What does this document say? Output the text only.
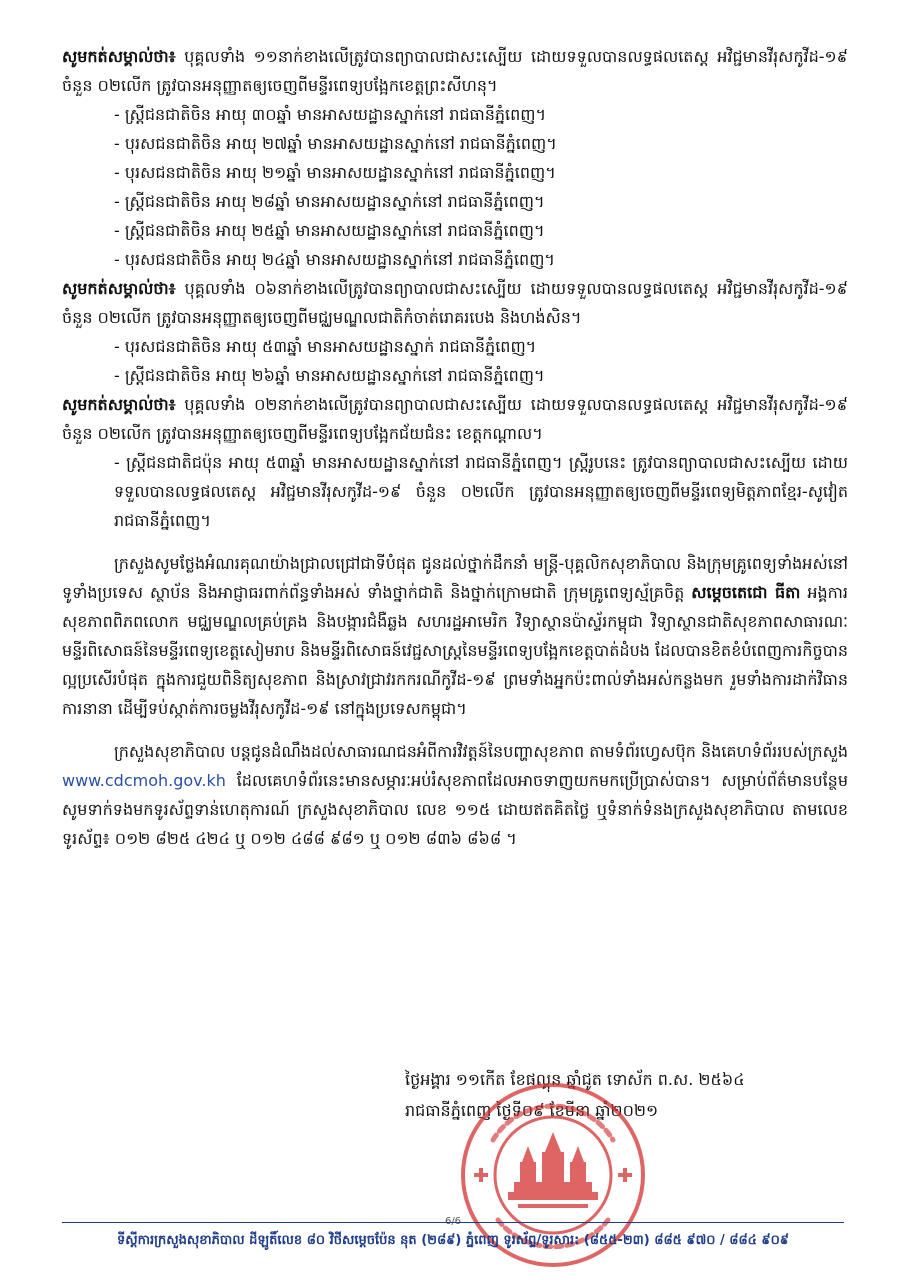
សូមកត់សម្គាល់ថា៖ បុគ្គលទាំង ១១នាក់ខាងលើត្រូវបានព្យាបាលជាសះស្បើយ ដោយទទួលបានលទ្ធផលតេស្ត អវិជ្ជមានវីរុសកូវីដ-១៩ ចំនួន ០២លើក ត្រូវបានអនុញ្ញាតឲ្យចេញពីមន្ទីរពេទ្យបង្អែកខេត្តព្រះសីហនុ។

- ស្ត្រីជនជាតិចិន អាយុ ៣០ឆ្នាំ មានអាសយដ្ឋានស្នាក់នៅ រាជធានីភ្នំពេញ។

- បុរសជនជាតិចិន អាយុ ២៧ឆ្នាំ មានអាសយដ្ឋានស្នាក់នៅ រាជធានីភ្នំពេញ។

- បុរសជនជាតិចិន អាយុ ២១ឆ្នាំ មានអាសយដ្ឋានស្នាក់នៅ រាជធានីភ្នំពេញ។

- ស្ត្រីជនជាតិចិន អាយុ ២៨ឆ្នាំ មានអាសយដ្ឋានស្នាក់នៅ រាជធានីភ្នំពេញ។

- ស្ត្រីជនជាតិចិន អាយុ ២៥ឆ្នាំ មានអាសយដ្ឋានស្នាក់នៅ រាជធានីភ្នំពេញ។

- បុរសជនជាតិចិន អាយុ ២៤ឆ្នាំ មានអាសយដ្ឋានស្នាក់នៅ រាជធានីភ្នំពេញ។

សូមកត់សម្គាល់ថា៖ បុគ្គលទាំង ០៦នាក់ខាងលើត្រូវបានព្យាបាលជាសះស្បើយ ដោយទទួលបានលទ្ធផលតេស្ត អវិជ្ជមានវីរុសកូវីដ-១៩ ចំនួន ០២លើក ត្រូវបានអនុញ្ញាតឲ្យចេញពីមជ្ឈមណ្ឌលជាតិកំចាត់រោគរបេង និងហង់សិន។

- បុរសជនជាតិចិន អាយុ ៥៣ឆ្នាំ មានអាសយដ្ឋានស្នាក់ រាជធានីភ្នំពេញ។

- ស្ត្រីជនជាតិចិន អាយុ ២៦ឆ្នាំ មានអាសយដ្ឋានស្នាក់នៅ រាជធានីភ្នំពេញ។

សូមកត់សម្គាល់ថា៖ បុគ្គលទាំង ០២នាក់ខាងលើត្រូវបានព្យាបាលជាសះស្បើយ ដោយទទួលបានលទ្ធផលតេស្ត អវិជ្ជមានវីរុសកូវីដ-១៩ ចំនួន ០២លើក ត្រូវបានអនុញ្ញាតឲ្យចេញពីមន្ទីរពេទ្យបង្អែកជ័យជំនះ ខេត្តកណ្ដាល។

- ស្ត្រីជនជាតិជប៉ុន អាយុ ៥៣ឆ្នាំ មានអាសយដ្ឋានស្នាក់នៅ រាជធានីភ្នំពេញ។ ស្ត្រីរូបនេះ ត្រូវបានព្យាបាលជាសះស្បើយ ដោយទទួលបានលទ្ធផលតេស្ត អវិជ្ជមានវីរុសកូវីដ-១៩ ចំនួន ០២លើក ត្រូវបានអនុញ្ញាតឲ្យចេញពីមន្ទីរពេទ្យមិត្តភាពខ្មែរ-សូវៀត រាជធានីភ្នំពេញ។

ក្រសួងសូមថ្លែងអំណរគុណយ៉ាងជ្រាលជ្រៅជាទីបំផុត ជូនដល់ថ្នាក់ដឹកនាំ មន្ត្រី-បុគ្គលិកសុខាភិបាល និងក្រុមគ្រូពេទ្យទាំងអស់នៅទូទាំងប្រទេស ស្ថាប័ន និងអាជ្ញាធរពាក់ព័ន្ធទាំងអស់ ទាំងថ្នាក់ជាតិ និងថ្នាក់ក្រោមជាតិ ក្រុមគ្រូពេទ្យស្ម័គ្រចិត្ត សម្តេចតេជោ ធីតា អង្គការសុខភាពពិភពលោក មជ្ឈមណ្ឌលគ្រប់គ្រង និងបង្ការជំងឺឆ្លង សហរដ្ឋអាមេរិក វិទ្យាស្ថានប៉ាស្ទ័រកម្ពុជា វិទ្យាស្ថានជាតិសុខភាពសាធារណៈ មន្ទីរពិសោធន៍នៃមន្ទីរពេទ្យខេត្តសៀមរាប និងមន្ទីរពិសោធន៍វេជ្ជសាស្ត្រនៃមន្ទីរពេទ្យបង្អែកខេត្តបាត់ដំបង ដែលបានខិតខំបំពេញការកិច្ចបានល្អប្រសើរបំផុត ក្នុងការជួយពិនិត្យសុខភាព និងស្រាវជ្រាវរកករណីកូវីដ-១៩ ព្រមទាំងអ្នកប៉ះពាល់ទាំងអស់កន្លងមក រួមទាំងការដាក់វិធានការនានា ដើម្បីទប់ស្កាត់ការចម្លងវីរុសកូវីដ-១៩ នៅក្នុងប្រទេសកម្ពុជា។

ក្រសួងសុខាភិបាល បន្តជូនដំណឹងដល់សាធារណជនអំពីការវិវត្តន៍នៃបញ្ហាសុខភាព តាមទំព័រហ្វេសប៊ុក និងគេហទំព័ររបស់ក្រសួង www.cdcmoh.gov.kh ដែលគេហទំព័រនេះមានសម្ភារៈអប់រំសុខភាពដែលអាចទាញយកមកប្រើប្រាស់បាន។ សម្រាប់ព័ត៌មានបន្ថែម សូមទាក់ទងមកទូរស័ព្ទទាន់ហេតុការណ៍ ក្រសួងសុខាភិបាល លេខ ១១៥ ដោយឥតគិតថ្លៃ ឬទំនាក់ទំនងក្រសួងសុខាភិបាល តាមលេខទូរស័ព្ទ៖ ០១២ ៨២៥ ៤២៤ ឬ ០១២ ៤៨៨ ៩៨១ ឬ ០១២ ៨៣៦ ៨៦៨ ។

ថ្ងៃអង្គារ ១១កេីត ខែផល្គុន ឆ្នាំជូត ទោស័ក ព.ស. ២៥៦៤
រាជធានីភ្នំពេញ ថ្ងៃទី០៩ ខែមីនា ឆ្នាំ២០២១
ទីស្តីការក្រសួងសុខាភិបាល ដីឡូតិ៍លេខ ៨០ វិថីសម្តេចប៉ែន នុត (២៨៩) ភ្នំពេញ ទូរស័ព្ទ/ទូរសារ: (៨៥៥-២៣) ៨៨៥ ៩៧០ / ៨៨៤ ៩០៩
